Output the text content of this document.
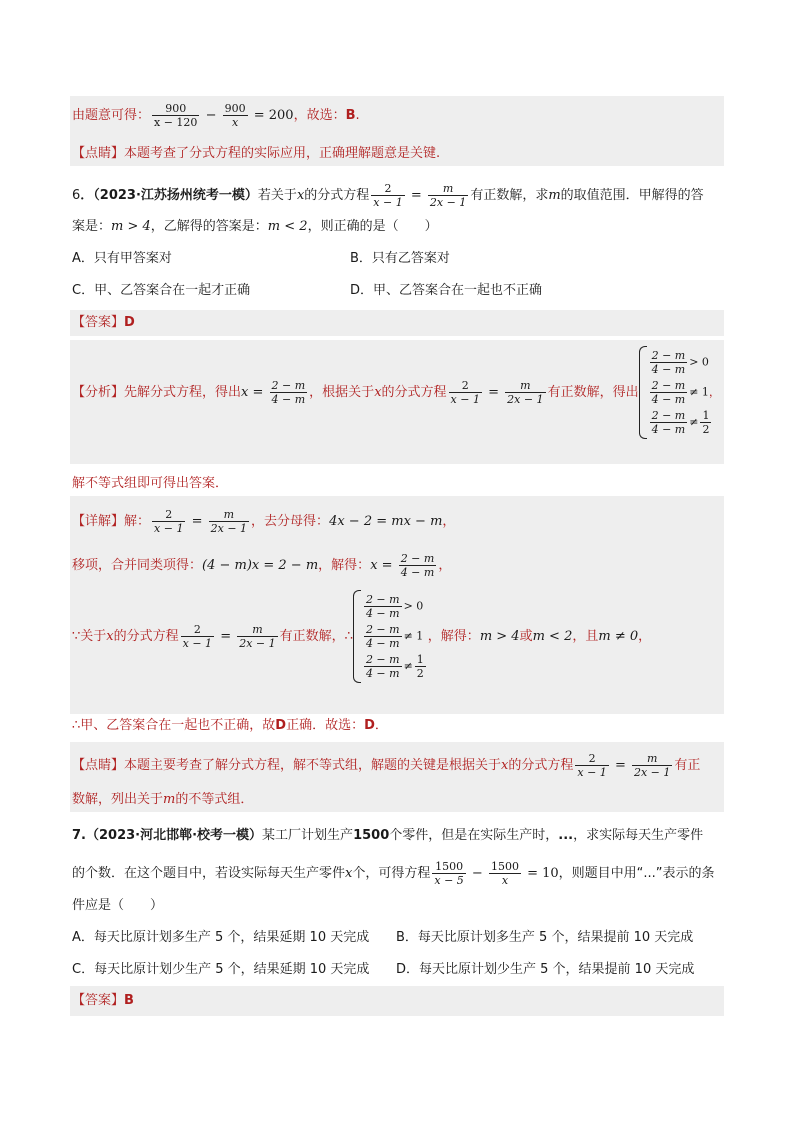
由题意可得： $\frac{900}{x - 120} - \frac{900}{x} = 200$，故选：B.
【点睛】本题考查了分式方程的实际应用，正确理解题意是关键.
6．（2023·江苏扬州统考一模）若关于x的分式方程 $\frac{2}{x - 1} = \frac{m}{2x - 1}$ 有正数解，求m的取值范围．甲解得的答
案是：m > 4，乙解得的答案是：m < 2，则正确的是（　　）
A．只有甲答案对	B．只有乙答案对
C．甲、乙答案合在一起才正确	D．甲、乙答案合在一起也不正确
【答案】D
【分析】先解分式方程，得出$x = \frac{2 - m}{4 - m}$ ，根据关于x的分式方程 $\frac{2}{x - 1} = \frac{m}{2x - 1}$ 有正数解，得出
$\frac{2 - m}{4 - m} > 0$
$\frac{2 - m}{4 - m} \ne 1$，
$\frac{2 - m}{4 - m} \ne \frac{1}{2}$
解不等式组即可得出答案．
【详解】解： $\frac{2}{x - 1} = \frac{m}{2x - 1}$ ，去分母得：4x − 2 = mx − m，
移项，合并同类项得：(4 − m)x = 2 − m，解得：$x = \frac{2 - m}{4 - m}$ ，
∵关于x的分式方程 $\frac{2}{x - 1} = \frac{m}{2x - 1}$ 有正数解，∴
$\frac{2 - m}{4 - m} > 0$
$\frac{2 - m}{4 - m} \ne 1$
$\frac{2 - m}{4 - m} \ne \frac{1}{2}$
，解得：m > 4或m < 2，且m ≠ 0，
∴甲、乙答案合在一起也不正确，故D正确．故选：D．
【点睛】本题主要考查了解分式方程，解不等式组，解题的关键是根据关于x的分式方程 $\frac{2}{x - 1} = \frac{m}{2x - 1}$ 有正
数解，列出关于m的不等式组．
7.（2023·河北邯郸·校考一模）某工厂计划生产1500个零件，但是在实际生产时，...，求实际每天生产零件
的个数．在这个题目中，若设实际每天生产零件x个，可得方程 $\frac{1500}{x - 5} - \frac{1500}{x} = 10$，则题目中用“...”表示的条
件应是（　　）
A．每天比原计划多生产 5 个，结果延期 10 天完成 B．每天比原计划多生产 5 个，结果提前 10 天完成
C．每天比原计划少生产 5 个，结果延期 10 天完成 D．每天比原计划少生产 5 个，结果提前 10 天完成
【答案】B
